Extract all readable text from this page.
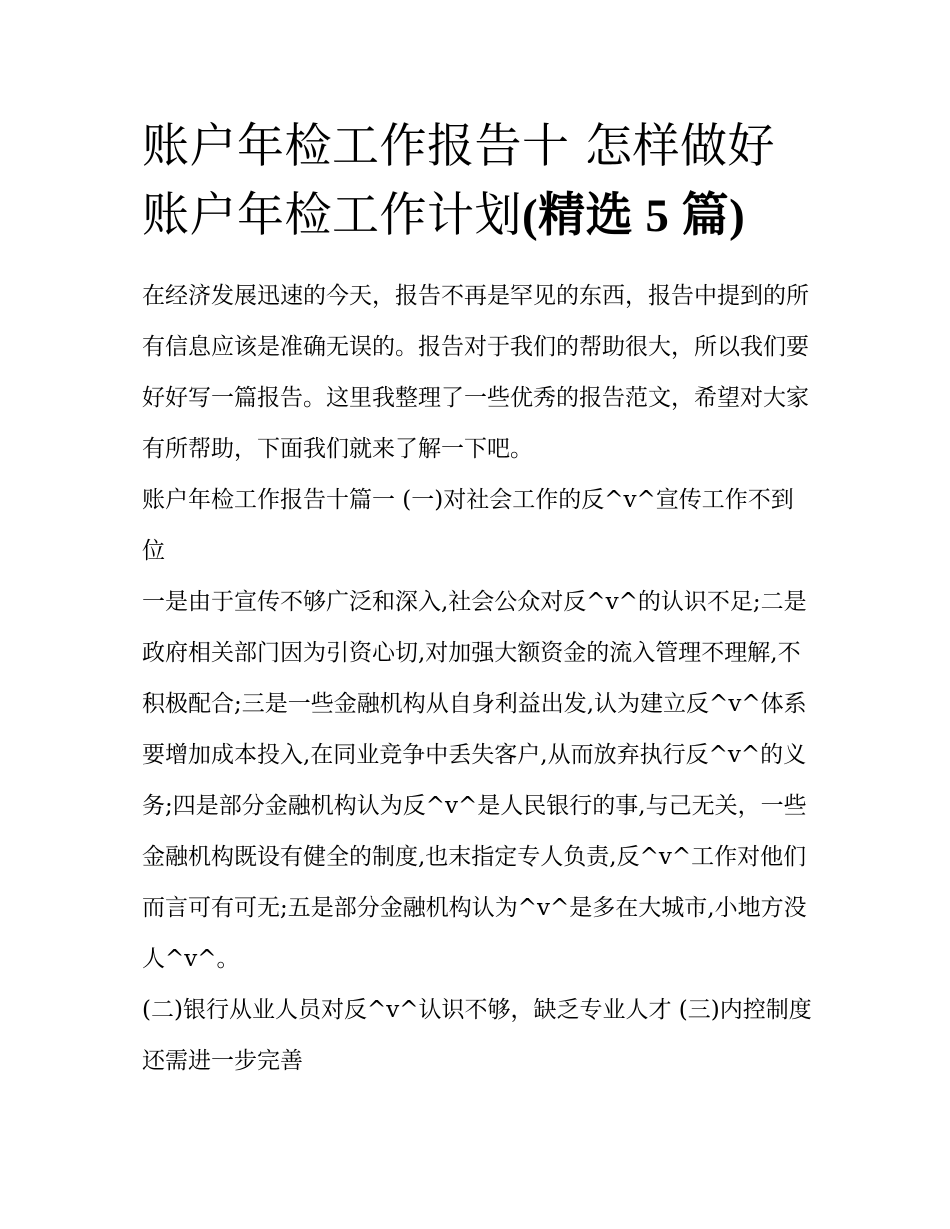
账户年检工作报告十 怎样做好
账户年检工作计划(精选 5 篇)

在经济发展迅速的今天，报告不再是罕见的东西，报告中提到的所有信息应该是准确无误的。报告对于我们的帮助很大，所以我们要好好写一篇报告。这里我整理了一些优秀的报告范文，希望对大家有所帮助，下面我们就来了解一下吧。

账户年检工作报告十篇一 (一)对社会工作的反^v^宣传工作不到位

一是由于宣传不够广泛和深入,社会公众对反^v^的认识不足;二是政府相关部门因为引资心切,对加强大额资金的流入管理不理解,不积极配合;三是一些金融机构从自身利益出发,认为建立反^v^体系要增加成本投入,在同业竞争中丢失客户,从而放弃执行反^v^的义务;四是部分金融机构认为反^v^是人民银行的事,与己无关，一些金融机构既设有健全的制度,也末指定专人负责,反^v^工作对他们而言可有可无;五是部分金融机构认为^v^是多在大城市,小地方没人^v^。

(二)银行从业人员对反^v^认识不够，缺乏专业人才 (三)内控制度还需进一步完善
